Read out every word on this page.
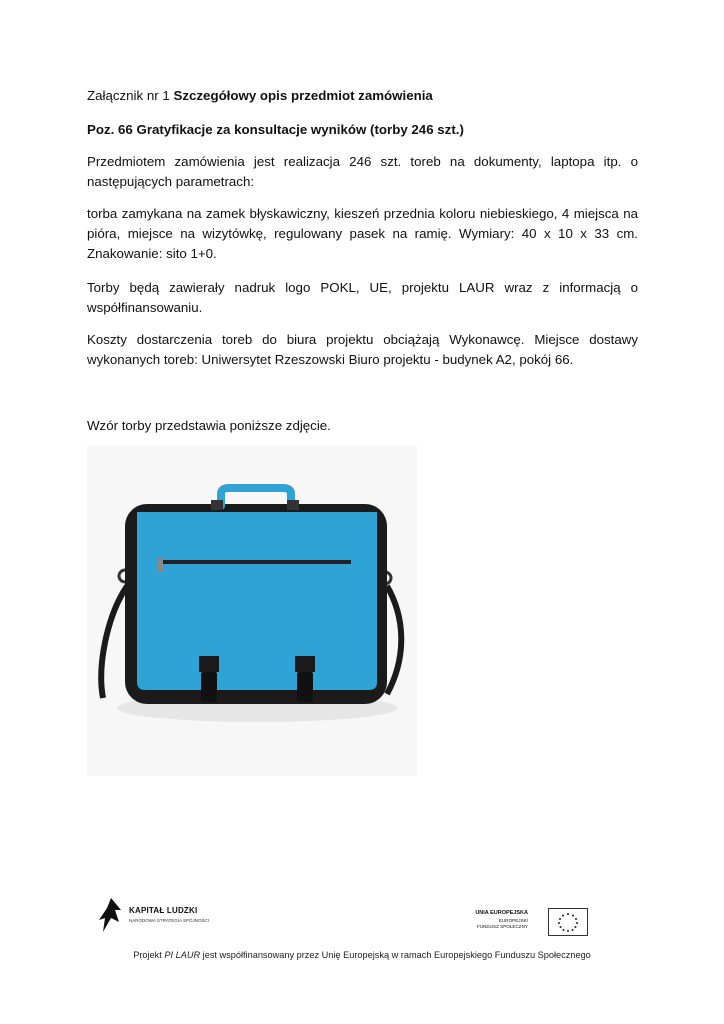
Załącznik nr 1 Szczegółowy opis przedmiot zamówienia
Poz. 66 Gratyfikacje za konsultacje wyników (torby 246 szt.)
Przedmiotem zamówienia jest realizacja 246 szt. toreb na dokumenty, laptopa itp. o następujących parametrach:
torba zamykana na zamek błyskawiczny, kieszeń przednia koloru niebieskiego, 4 miejsca na pióra, miejsce na wizytówkę, regulowany pasek na ramię. Wymiary: 40 x 10 x 33 cm. Znakowanie: sito 1+0.
Torby będą zawierały nadruk logo POKL, UE, projektu LAUR wraz z informacją o współfinansowaniu.
Koszty dostarczenia toreb do biura projektu obciążają Wykonawcę. Miejsce dostawy wykonanych toreb: Uniwersytet Rzeszowski Biuro projektu - budynek A2, pokój 66.
Wzór torby przedstawia poniższe zdjęcie.
KAPITAŁ LUDZKI
NARODOWA STRATEGIA SPÓJNOŚCI
UNIA EUROPEJSKA
EUROPEJSKI
FUNDUSZ SPOŁECZNY
Projekt PI LAUR jest współfinansowany przez Unię Europejską w ramach Europejskiego Funduszu Społecznego
